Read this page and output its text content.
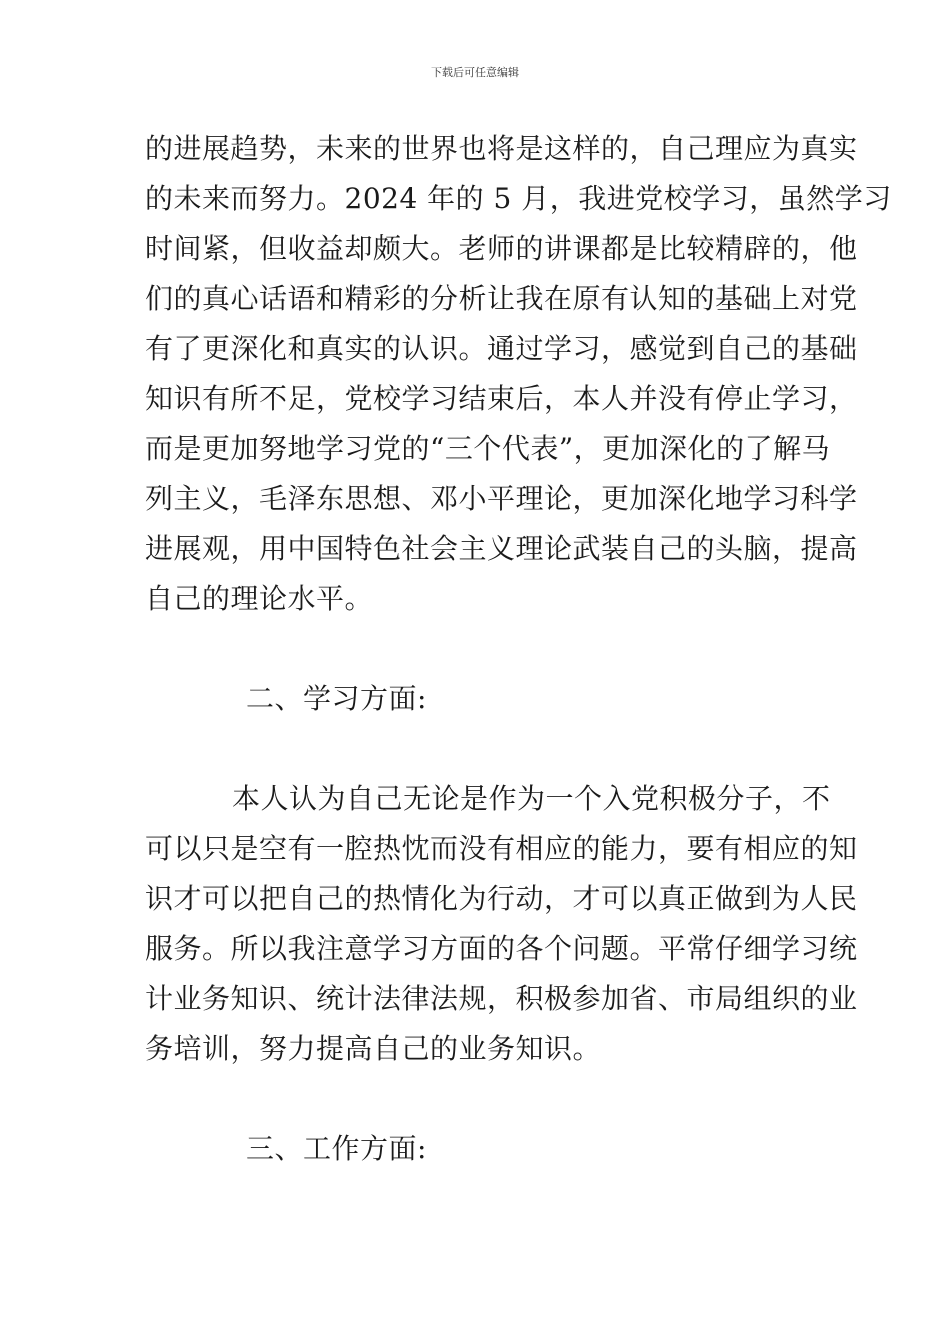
下载后可任意编辑
的进展趋势，未来的世界也将是这样的，自己理应为真实
的未来而努力。2024 年的 5 月，我进党校学习，虽然学习
时间紧，但收益却颇大。老师的讲课都是比较精辟的，他
们的真心话语和精彩的分析让我在原有认知的基础上对党
有了更深化和真实的认识。通过学习，感觉到自己的基础
知识有所不足，党校学习结束后，本人并没有停止学习，
而是更加努地学习党的“三个代表”，更加深化的了解马
列主义，毛泽东思想、邓小平理论，更加深化地学习科学
进展观，用中国特色社会主义理论武装自己的头脑，提高
自己的理论水平。
二、学习方面:
本人认为自己无论是作为一个入党积极分子，不
可以只是空有一腔热忱而没有相应的能力，要有相应的知
识才可以把自己的热情化为行动，才可以真正做到为人民
服务。所以我注意学习方面的各个问题。平常仔细学习统
计业务知识、统计法律法规，积极参加省、市局组织的业
务培训，努力提高自己的业务知识。
三、工作方面:
